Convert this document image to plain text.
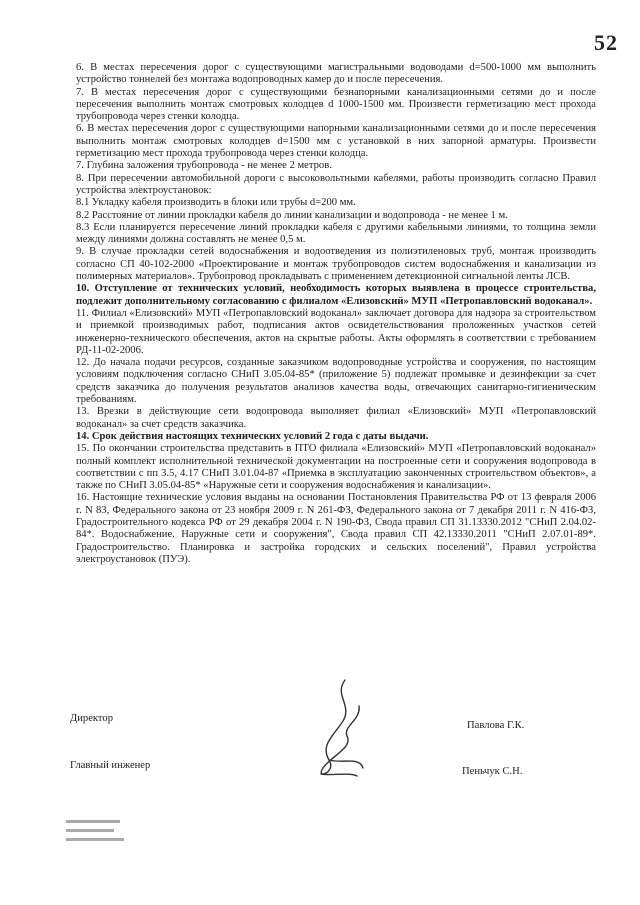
52

6. В местах пересечения дорог с существующими магистральными водоводами d=500-1000 мм выполнить устройство тоннелей без монтажа водопроводных камер до и после пересечения.

7. В местах пересечения дорог с существующими безнапорными канализационными сетями до и после пересечения выполнить монтаж смотровых колодцев d 1000-1500 мм. Произвести герметизацию мест прохода трубопровода через стенки колодца.

6. В местах пересечения дорог с существующими напорными канализационными сетями до и после пересечения выполнить монтаж смотровых колодцев d=1500 мм с установкой в них запорной арматуры. Произвести герметизацию мест прохода трубопровода через стенки колодца.

7. Глубина заложения трубопровода - не менее 2 метров.

8. При пересечении автомобильной дороги с высоковольтными кабелями, работы производить согласно Правил устройства электроустановок:

8.1 Укладку кабеля производить в блоки или трубы d=200 мм.

8.2 Расстояние от линии прокладки кабеля до линии канализации и водопровода - не менее 1 м.

8.3 Если планируется пересечение линий прокладки кабеля с другими кабельными линиями, то толщина земли между линиями должна составлять не менее 0,5 м.

9. В случае прокладки сетей водоснабжения и водоотведения из полиэтиленовых труб, монтаж производить согласно СП 40-102-2000 «Проектирование и монтаж трубопроводов систем водоснабжения и канализации из полимерных материалов». Трубопровод прокладывать с применением детекционной сигнальной ленты ЛСВ.

10. Отступление от технических условий, необходимость которых выявлена в процессе строительства, подлежит дополнительному согласованию с филиалом «Елизовский» МУП «Петропавловский водоканал».

11. Филиал «Елизовский» МУП «Петропавловский водоканал» заключает договора для надзора за строительством и приемкой производимых работ, подписания актов освидетельствования проложенных участков сетей инженерно-технического обеспечения, актов на скрытые работы. Акты оформлять в соответствии с требованием РД-11-02-2006.

12. До начала подачи ресурсов, созданные заказчиком водопроводные устройства и сооружения, по настоящим условиям подключения согласно СНиП 3.05.04-85* (приложение 5) подлежат промывке и дезинфекции за счет средств заказчика до получения результатов анализов качества воды, отвечающих санитарно-гигиеническим требованиям.

13. Врезки в действующие сети водопровода выполняет филиал «Елизовский» МУП «Петропавловский водоканал» за счет средств заказчика.

14. Срок действия настоящих технических условий 2 года с даты выдачи.

15. По окончании строительства представить в ПТО филиала «Елизовский» МУП «Петропавловский водоканал» полный комплект исполнительной технической документации на построенные сети и сооружения водопровода в соответствии с пп 3.5, 4.17 СНиП 3.01.04-87 «Приемка в эксплуатацию законченных строительством объектов», а также по СНиП 3.05.04-85* «Наружные сети и сооружения водоснабжения и канализации».

16. Настоящие технические условия выданы на основании Постановления Правительства РФ от 13 февраля 2006 г. N 83, Федерального закона от 23 ноября 2009 г. N 261-ФЗ, Федерального закона от 7 декабря 2011 г. N 416-ФЗ, Градостроительного кодекса РФ от 29 декабря 2004 г. N 190-ФЗ, Свода правил СП 31.13330.2012 "СНиП 2.04.02-84*. Водоснабжение. Наружные сети и сооружения", Свода правил СП 42.13330.2011 "СНиП 2.07.01-89*. Градостроительство. Планировка и застройка городских и сельских поселений", Правил устройства электроустановок (ПУЭ).

Директор
Павлова Г.К.
Главный инженер
Пеньчук С.Н.
